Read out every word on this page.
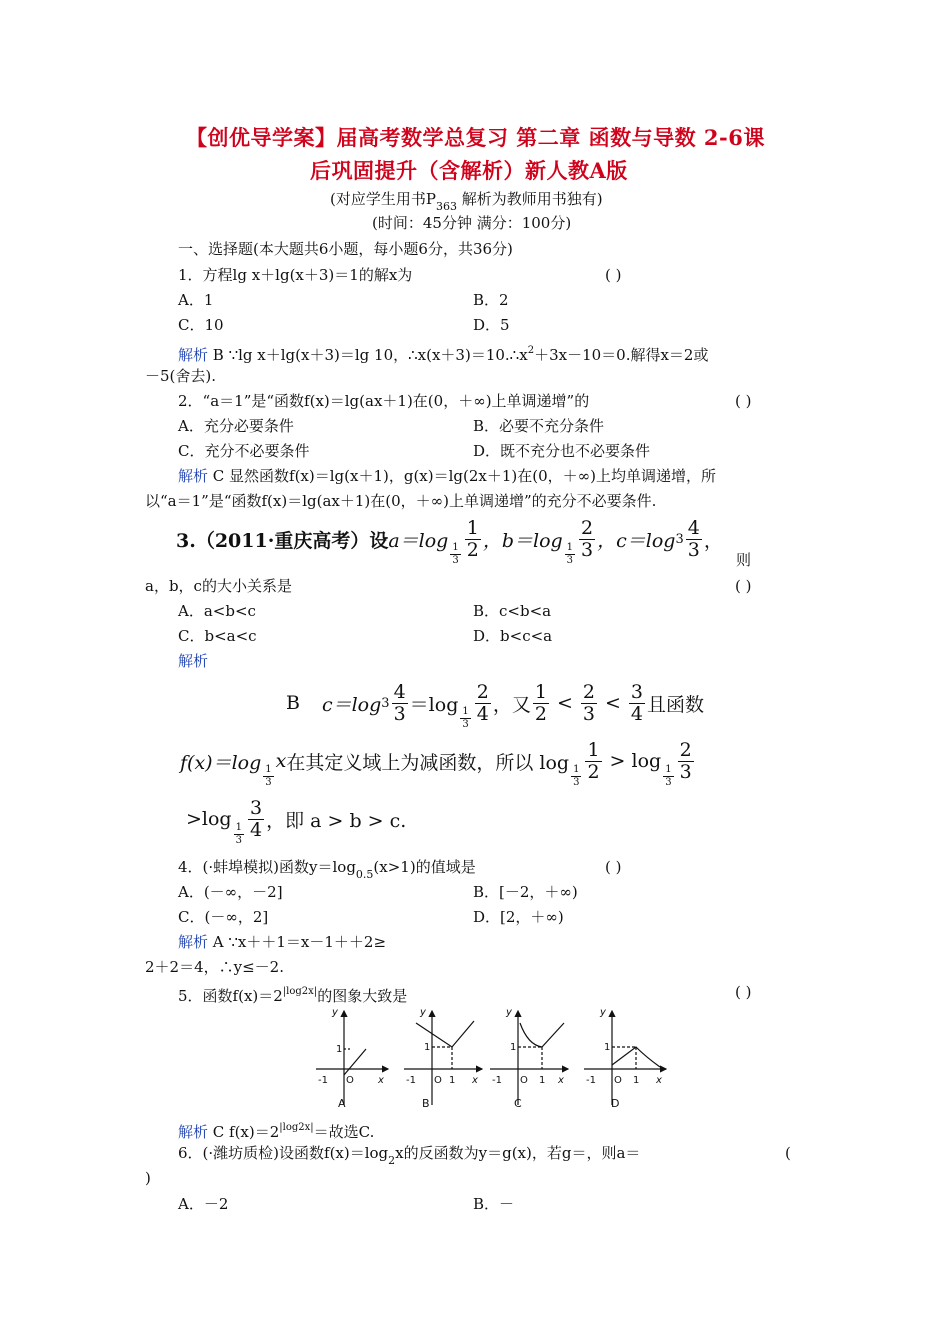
【创优导学案】届高考数学总复习 第二章 函数与导数 2-6课
后巩固提升（含解析）新人教A版
(对应学生用书$P_{363}$ 解析为教师用书独有)
(时间：45分钟 满分：100分)
一、选择题(本大题共6小题，每小题6分，共36分)
1．方程lg x＋lg(x＋3)＝1的解x为	( )
A．1	B．2
C．10	D．5
解析 B ∵lg x＋lg(x＋3)＝lg 10，$\therefore x(x+3)=10.\therefore x^2+3x-10=0$.解得x＝2或
－5(舍去).
2．“a＝1”是“函数f(x)＝lg(ax＋1)在(0，＋∞)上单调递增”的	( )
A．充分必要条件	B．必要不充分条件
C．充分不必要条件	D．既不充分也不必要条件
解析 C 显然函数f(x)＝lg(x＋1)，g(x)＝lg(2x＋1)在(0，＋∞)上均单调递增，所
以“a＝1”是“函数f(x)＝lg(ax＋1)在(0，＋∞)上单调递增”的充分不必要条件.
3.（2011·重庆高考）设 a＝log
$\frac{1}{3} \frac{1}{2}$ ，b＝log
$\frac{1}{3} \frac{2}{3}$ ，c＝log $3 \frac{4}{3}$ ，
则
a，b，c的大小关系是	( )
A．a<b<c	B．c<b<a
C．b<a<c	D．b<c<a
解析
B c＝log $3 \frac{4}{3} =\log$
$\frac{1}{3} \frac{2}{4}$ ，又 $\frac{1}{2} < \frac{2}{3} < \frac{3}{4}$ 且函数
f(x)＝log
$\frac{1}{3}$
x 在其定义域上为减函数，所以 log
$\frac{1}{3} \frac{1}{2} > \log$
$\frac{1}{3} \frac{2}{3}$
>log
$\frac{1}{3} \frac{3}{4}$ ，即 a > b > c.
4．(·蚌埠模拟)函数$y=\log_{0.5}(x>1)$的值域是	( )
A．(－∞，－2]	B．[－2，＋∞)
C．(－∞，2]	D．[2，＋∞)
解析 A ∵x＋＋1＝x－1＋＋2≥
2＋2＝4，∴y≤－2.
5．函数$f(x)=2^{|log2x|}$的图象大致是	( )
y
x
y
x
y
x
y
x
1
-1 O
1
-1 O 1
1
-1 O 1
1
-1 O 1
A	B	C	D
解析 C $f(x)=2^{|log2x|}=$故选C.
6．(·潍坊质检)设函数$f(x)=\log_2x$的反函数为y＝g(x)，若g＝，则a＝	(
)
A．－2	B．－
